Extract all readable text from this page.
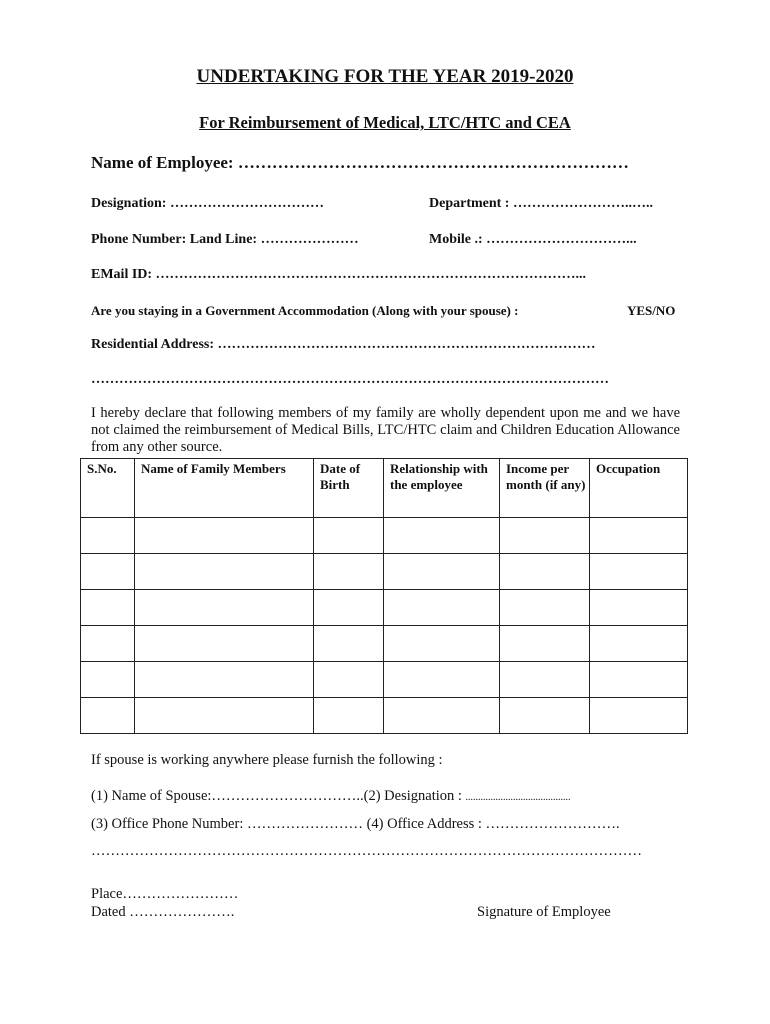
UNDERTAKING FOR THE YEAR 2019-2020
For Reimbursement of Medical, LTC/HTC and CEA
Name of Employee: ……………………………………………………………
Designation: ……………………………	Department : ……………………..…..
Phone Number: Land Line: …………………	Mobile .: …………………………...
EMail ID: ………………………………………………………………………………...
Are you staying in a Government Accommodation (Along with your spouse) :	YES/NO
Residential Address: ………………………………………………………………………
…………………………………………………………………………………………………
I hereby declare that following members of my family are wholly dependent upon me and we have not claimed the reimbursement of Medical Bills, LTC/HTC claim and Children Education Allowance from any other source.
S.No.	Name of Family Members	Date of Birth	Relationship with the employee	Income per month (if any)	Occupation

If spouse is working anywhere please furnish the following :
(1) Name of Spouse:…………………………..(2) Designation : ..........................................
(3) Office Phone Number: …………………… (4) Office Address : ……………………….
……………………………………………………………………………………………………
Place……………………
Dated ………………….	Signature of Employee
